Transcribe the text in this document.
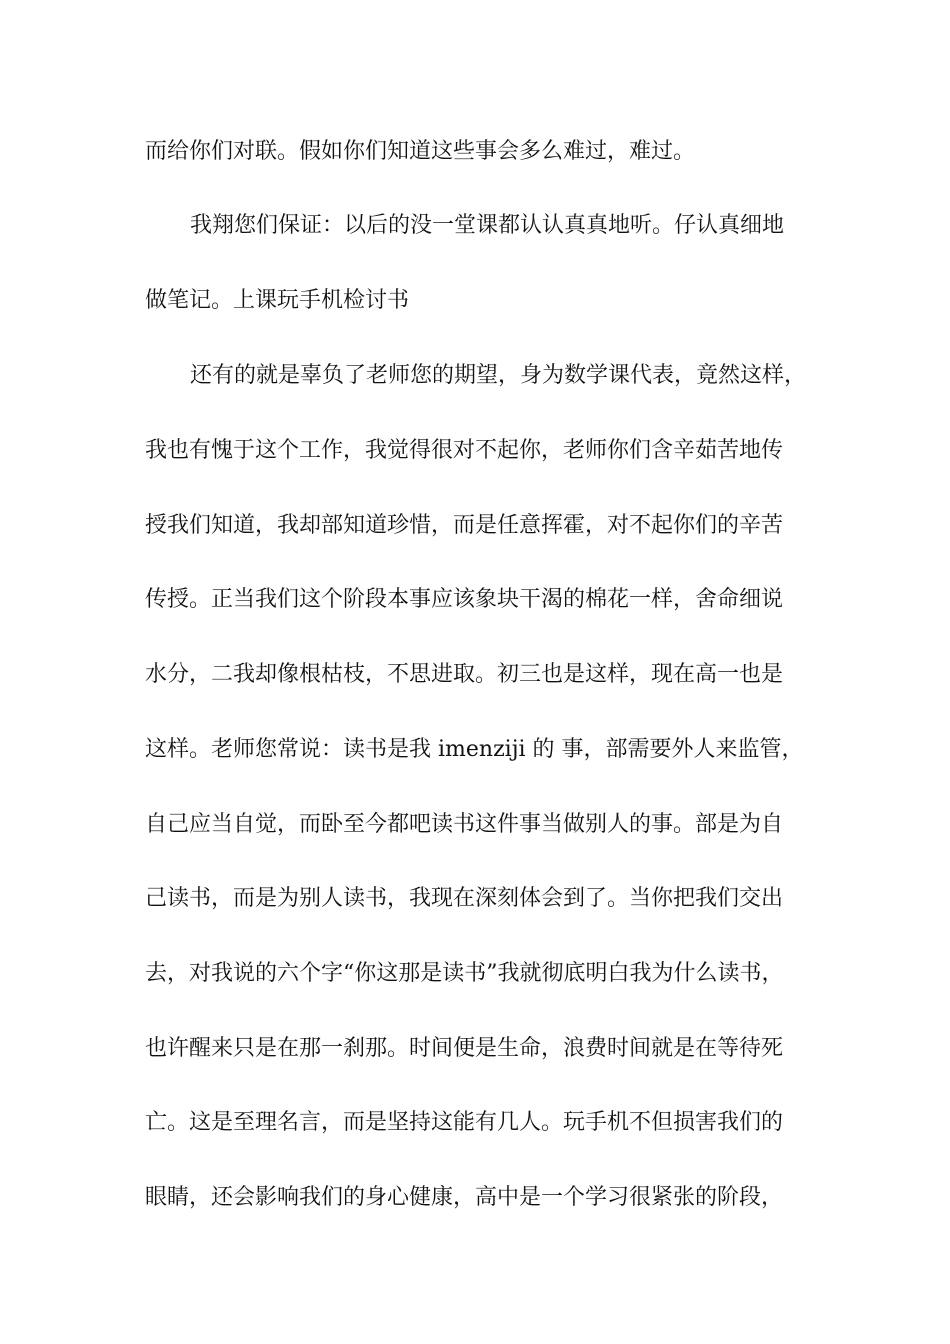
而给你们对联。假如你们知道这些事会多么难过，难过。
我翔您们保证：以后的没一堂课都认认真真地听。仔认真细地
做笔记。上课玩手机检讨书
还有的就是辜负了老师您的期望，身为数学课代表，竟然这样，
我也有愧于这个工作，我觉得很对不起你，老师你们含辛茹苦地传
授我们知道，我却部知道珍惜，而是任意挥霍，对不起你们的辛苦
传授。正当我们这个阶段本事应该象块干渴的棉花一样，舍命细说
水分，二我却像根枯枝，不思进取。初三也是这样，现在高一也是
这样。老师您常说：读书是我 imenziji 的 事，部需要外人来监管，
自己应当自觉，而卧至今都吧读书这件事当做别人的事。部是为自
己读书，而是为别人读书，我现在深刻体会到了。当你把我们交出
去，对我说的六个字“你这那是读书”我就彻底明白我为什么读书，
也许醒来只是在那一刹那。时间便是生命，浪费时间就是在等待死
亡。这是至理名言，而是坚持这能有几人。玩手机不但损害我们的
眼睛，还会影响我们的身心健康，高中是一个学习很紧张的阶段，
